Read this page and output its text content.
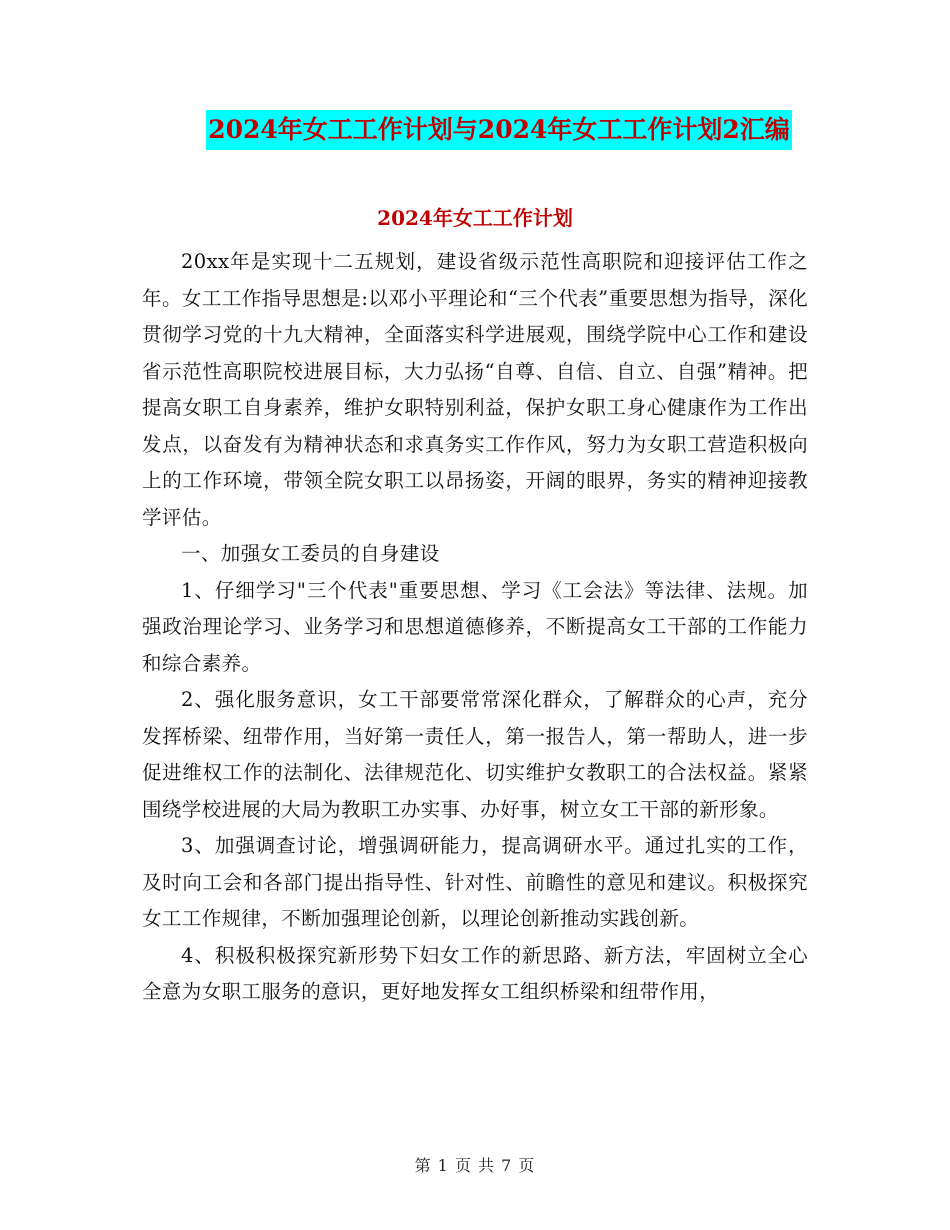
2024年女工工作计划与2024年女工工作计划2汇编
2024年女工工作计划

20xx年是实现十二五规划，建设省级示范性高职院和迎接评估工作之年。女工工作指导思想是:以邓小平理论和“三个代表”重要思想为指导，深化贯彻学习党的十九大精神，全面落实科学进展观，围绕学院中心工作和建设省示范性高职院校进展目标，大力弘扬“自尊、自信、自立、自强”精神。把提高女职工自身素养，维护女职特别利益，保护女职工身心健康作为工作出发点，以奋发有为精神状态和求真务实工作作风，努力为女职工营造积极向上的工作环境，带领全院女职工以昂扬姿，开阔的眼界，务实的精神迎接教学评估。

一、加强女工委员的自身建设

1、仔细学习"三个代表"重要思想、学习《工会法》等法律、法规。加强政治理论学习、业务学习和思想道德修养，不断提高女工干部的工作能力和综合素养。

2、强化服务意识，女工干部要常常深化群众，了解群众的心声，充分发挥桥梁、纽带作用，当好第一责任人，第一报告人，第一帮助人，进一步促进维权工作的法制化、法律规范化、切实维护女教职工的合法权益。紧紧围绕学校进展的大局为教职工办实事、办好事，树立女工干部的新形象。

3、加强调查讨论，增强调研能力，提高调研水平。通过扎实的工作，及时向工会和各部门提出指导性、针对性、前瞻性的意见和建议。积极探究女工工作规律，不断加强理论创新，以理论创新推动实践创新。

4、积极积极探究新形势下妇女工作的新思路、新方法，牢固树立全心全意为女职工服务的意识，更好地发挥女工组织桥梁和纽带作用，

第 1 页 共 7 页
